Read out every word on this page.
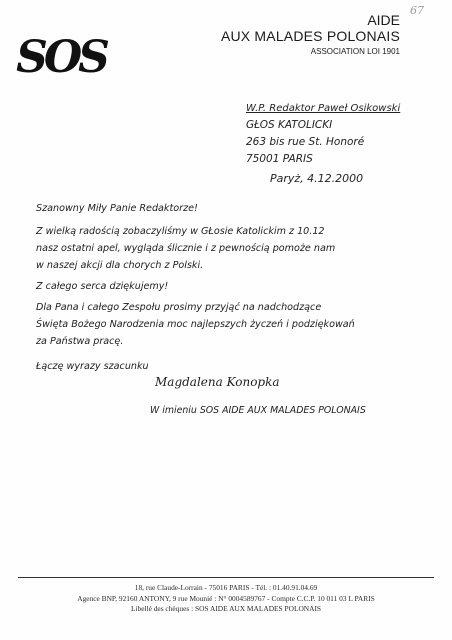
67
SOS
AIDE
AUX MALADES POLONAIS
ASSOCIATION LOI 1901
W.P. Redaktor Paweł Osikowski
GŁOS KATOLICKI
263 bis rue St. Honoré
75001 PARIS
Paryż, 4.12.2000

Szanowny Miły Panie Redaktorze!

Z wielką radością zobaczyliśmy w GŁosie Katolickim z 10.12

nasz ostatni apel, wygląda ślicznie i z pewnością pomoże nam

w naszej akcji dla chorych z Polski.

Z całego serca dziękujemy!

Dla Pana i całego Zespołu prosimy przyjąć na nadchodzące

Święta Bożego Narodzenia moc najlepszych życzeń i podziękowań

za Państwa pracę.

Łączę wyrazy szacunku

Magdalena Konopka
W imieniu SOS AIDE AUX MALADES POLONAIS
18, rue Claude-Lorrain - 75016 PARIS - Tél. : 01.40.91.04.69
Agence BNP, 92160 ANTONY, 9 rue Mounié : N° 0004589767 - Compte C.C.P. 10 011 03 L PARIS
Libellé des chèques : SOS AIDE AUX MALADES POLONAIS
